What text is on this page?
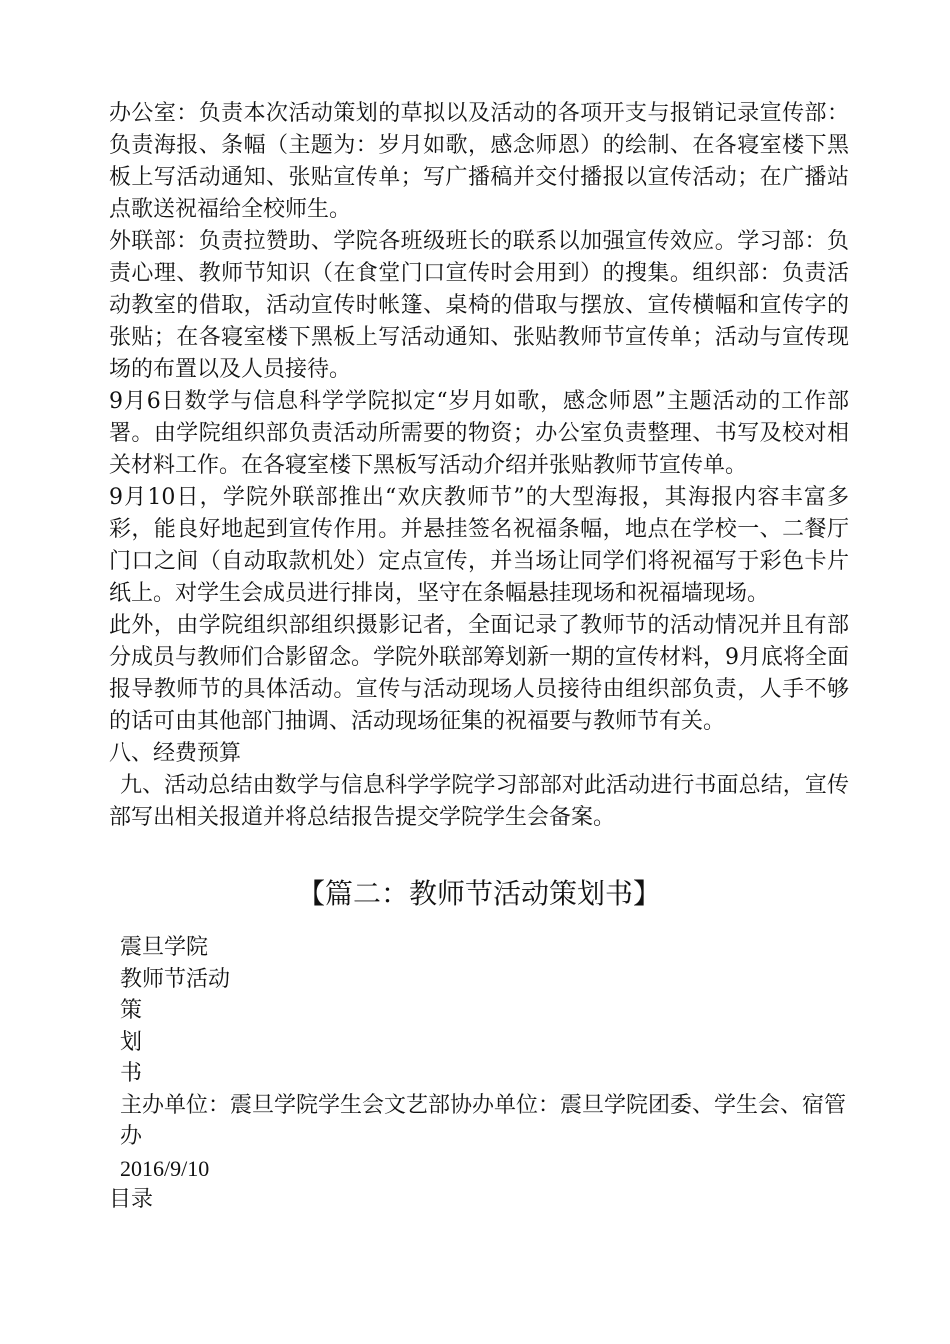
办公室：负责本次活动策划的草拟以及活动的各项开支与报销记录宣传部：负责海报、条幅（主题为：岁月如歌，感念师恩）的绘制、在各寝室楼下黑板上写活动通知、张贴宣传单；写广播稿并交付播报以宣传活动；在广播站点歌送祝福给全校师生。

外联部：负责拉赞助、学院各班级班长的联系以加强宣传效应。学习部：负责心理、教师节知识（在食堂门口宣传时会用到）的搜集。组织部：负责活动教室的借取，活动宣传时帐篷、桌椅的借取与摆放、宣传横幅和宣传字的张贴；在各寝室楼下黑板上写活动通知、张贴教师节宣传单；活动与宣传现场的布置以及人员接待。

9月6日数学与信息科学学院拟定“岁月如歌，感念师恩”主题活动的工作部署。由学院组织部负责活动所需要的物资；办公室负责整理、书写及校对相关材料工作。在各寝室楼下黑板写活动介绍并张贴教师节宣传单。

9月10日，学院外联部推出“欢庆教师节”的大型海报，其海报内容丰富多彩，能良好地起到宣传作用。并悬挂签名祝福条幅，地点在学校一、二餐厅门口之间（自动取款机处）定点宣传，并当场让同学们将祝福写于彩色卡片纸上。对学生会成员进行排岗，坚守在条幅悬挂现场和祝福墙现场。

此外，由学院组织部组织摄影记者，全面记录了教师节的活动情况并且有部分成员与教师们合影留念。学院外联部筹划新一期的宣传材料，9月底将全面报导教师节的具体活动。宣传与活动现场人员接待由组织部负责，人手不够的话可由其他部门抽调、活动现场征集的祝福要与教师节有关。

八、经费预算

九、活动总结由数学与信息科学学院学习部部对此活动进行书面总结，宣传部写出相关报道并将总结报告提交学院学生会备案。

【篇二：教师节活动策划书】

震旦学院

教师节活动

策

划

书

主办单位：震旦学院学生会文艺部协办单位：震旦学院团委、学生会、宿管办

2016/9/10

目录
